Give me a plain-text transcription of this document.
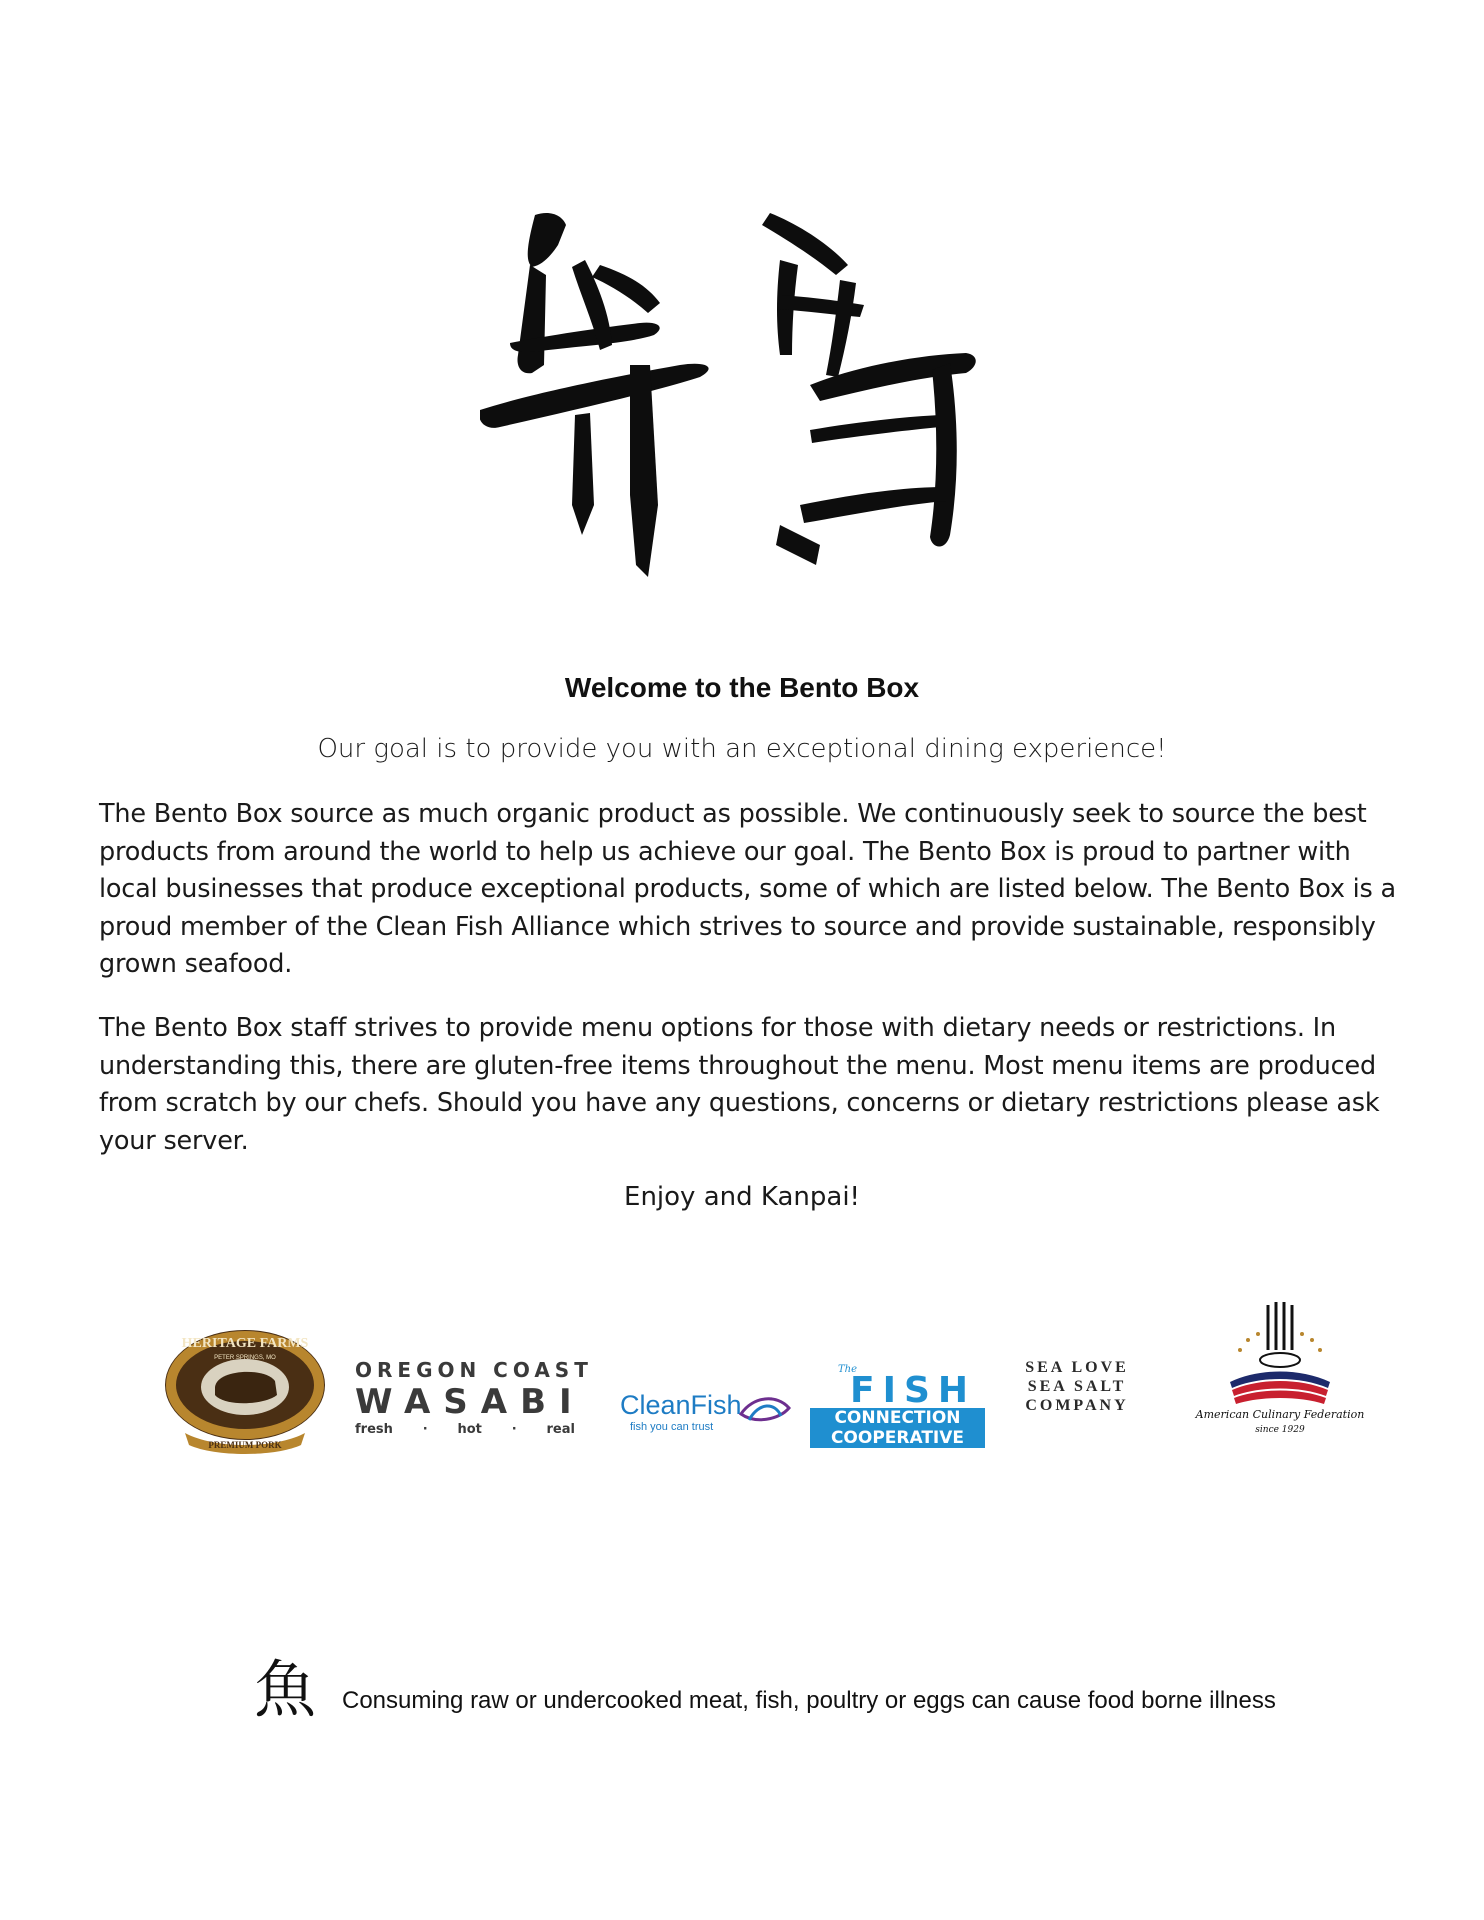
Welcome to the Bento Box
Our goal is to provide you with an exceptional dining experience!
The Bento Box source as much organic product as possible. We continuously seek to source the best products from around the world to help us achieve our goal. The Bento Box is proud to partner with local businesses that produce exceptional products, some of which are listed below. The Bento Box is a proud member of the Clean Fish Alliance which strives to source and provide sustainable, responsibly grown seafood.
The Bento Box staff strives to provide menu options for those with dietary needs or restrictions. In understanding this, there are gluten-free items throughout the menu. Most menu items are produced from scratch by our chefs. Should you have any questions, concerns or dietary restrictions please ask your server.
Enjoy and Kanpai!
HERITAGE FARMS
PETER SPRINGS, MO
PREMIUM PORK
OREGON COAST
WASABI
fresh · hot · real
CleanFish
fish you can trust
The
FISH
CONNECTION
COOPERATIVE
SEA LOVE
SEA SALT
COMPANY
American Culinary Federation
since 1929
魚 Consuming raw or undercooked meat, fish, poultry or eggs can cause food borne illness
